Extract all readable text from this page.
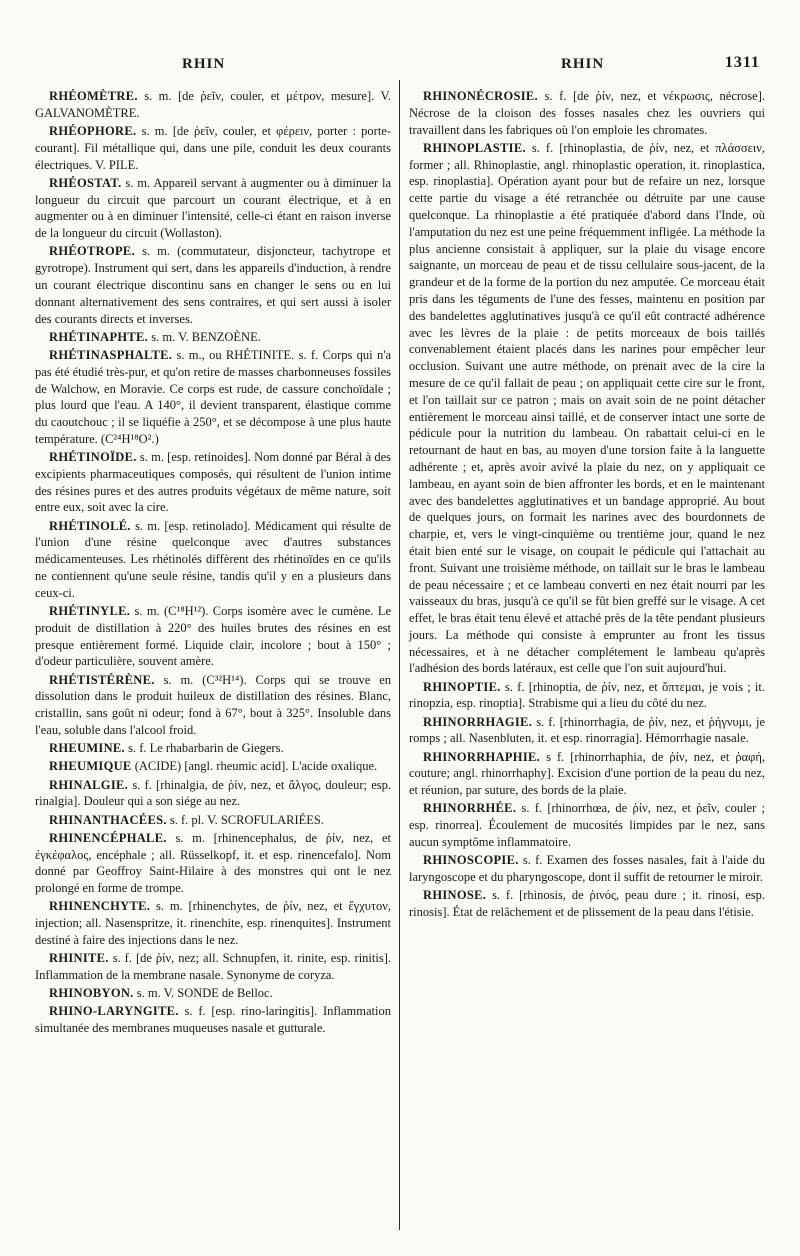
RHIN	RHIN	1311

RHÉOMÈTRE. s. m. [de ῥεῖν, couler, et μέτρον, mesure]. V. GALVANOMÈTRE.

RHÉOPHORE. s. m. [de ῥεῖν, couler, et φέρειν, porter : porte-courant]. Fil métallique qui, dans une pile, conduit les deux courants électriques. V. PILE.

RHÉOSTAT. s. m. Appareil servant à augmenter ou à diminuer la longueur du circuit que parcourt un courant électrique, et à en augmenter ou à en diminuer l'intensité, celle-ci étant en raison inverse de la longueur du circuit (Wollaston).

RHÉOTROPE. s. m. (commutateur, disjoncteur, tachytrope et gyrotrope). Instrument qui sert, dans les appareils d'induction, à rendre un courant électrique discontinu sans en changer le sens ou en lui donnant alternativement des sens contraires, et qui sert aussi à isoler des courants directs et inverses.

RHÉTINAPHTE. s. m. V. BENZOÈNE.

RHÉTINASPHALTE. s. m., ou RHÉTINITE. s. f. Corps qui n'a pas été étudié très-pur, et qu'on retire de masses charbonneuses fossiles de Walchow, en Moravie. Ce corps est rude, de cassure conchoïdale ; plus lourd que l'eau. A 140°, il devient transparent, élastique comme du caoutchouc ; il se liquéfie à 250°, et se décompose à une plus haute température. (C²⁴H¹⁸O².)

RHÉTINOÏDE. s. m. [esp. retinoides]. Nom donné par Béral à des excipients pharmaceutiques composés, qui résultent de l'union intime des résines pures et des autres produits végétaux de même nature, soit entre eux, soit avec la cire.

RHÉTINOLÉ. s. m. [esp. retinolado]. Médicament qui résulte de l'union d'une résine quelconque avec d'autres substances médicamenteuses. Les rhétinolés diffèrent des rhétinoïdes en ce qu'ils ne contiennent qu'une seule résine, tandis qu'il y en a plusieurs dans ceux-ci.

RHÉTINYLE. s. m. (C¹⁸H¹²). Corps isomère avec le cumène. Le produit de distillation à 220° des huiles brutes des résines en est presque entièrement formé. Liquide clair, incolore ; bout à 150° ; d'odeur particulière, souvent amère.

RHÉTISTÉRÈNE. s. m. (C³²H¹⁴). Corps qui se trouve en dissolution dans le produit huileux de distillation des résines. Blanc, cristallin, sans goût ni odeur; fond à 67°, bout à 325°. Insoluble dans l'eau, soluble dans l'alcool froid.

RHEUMINE. s. f. Le rhabarbarin de Giegers.

RHEUMIQUE (ACIDE) [angl. rheumic acid]. L'acide oxalique.

RHINALGIE. s. f. [rhinalgia, de ῥίν, nez, et ἄλγος, douleur; esp. rinalgia]. Douleur qui a son siége au nez.

RHINANTHACÉES. s. f. pl. V. SCROFULARIÉES.

RHINENCÉPHALE. s. m. [rhinencephalus, de ῥίν, nez, et ἐγκέφαλος, encéphale ; all. Rüsselkopf, it. et esp. rinencefalo]. Nom donné par Geoffroy Saint-Hilaire à des monstres qui ont le nez prolongé en forme de trompe.

RHINENCHYTE. s. m. [rhinenchytes, de ῥίν, nez, et ἔγχυτον, injection; all. Nasenspritze, it. rinenchite, esp. rinenquites]. Instrument destiné à faire des injections dans le nez.

RHINITE. s. f. [de ῥίν, nez; all. Schnupfen, it. rinite, esp. rinitis]. Inflammation de la membrane nasale. Synonyme de coryza.

RHINOBYON. s. m. V. SONDE de Belloc.

RHINO-LARYNGITE. s. f. [esp. rino-laringitis]. Inflammation simultanée des membranes muqueuses nasale et gutturale.

RHINONÉCROSIE. s. f. [de ῥίν, nez, et νέκρωσις, nécrose]. Nécrose de la cloison des fosses nasales chez les ouvriers qui travaillent dans les fabriques où l'on emploie les chromates.

RHINOPLASTIE. s. f. [rhinoplastia, de ῥίν, nez, et πλάσσειν, former ; all. Rhinoplastie, angl. rhinoplastic operation, it. rinoplastica, esp. rinoplastia]. Opération ayant pour but de refaire un nez, lorsque cette partie du visage a été retranchée ou détruite par une cause quelconque. La rhinoplastie a été pratiquée d'abord dans l'Inde, où l'amputation du nez est une peine fréquemment infligée. La méthode la plus ancienne consistait à appliquer, sur la plaie du visage encore saignante, un morceau de peau et de tissu cellulaire sous-jacent, de la grandeur et de la forme de la portion du nez amputée. Ce morceau était pris dans les téguments de l'une des fesses, maintenu en position par des bandelettes agglutinatives jusqu'à ce qu'il eût contracté adhérence avec les lèvres de la plaie : de petits morceaux de bois taillés convenablement étaient placés dans les narines pour empêcher leur occlusion. Suivant une autre méthode, on prenait avec de la cire la mesure de ce qu'il fallait de peau ; on appliquait cette cire sur le front, et l'on taillait sur ce patron ; mais on avait soin de ne point détacher entièrement le morceau ainsi taillé, et de conserver intact une sorte de pédicule pour la nutrition du lambeau. On rabattait celui-ci en le retournant de haut en bas, au moyen d'une torsion faite à la languette adhérente ; et, après avoir avivé la plaie du nez, on y appliquait ce lambeau, en ayant soin de bien affronter les bords, et en le maintenant avec des bandelettes agglutinatives et un bandage approprié. Au bout de quelques jours, on formait les narines avec des bourdonnets de charpie, et, vers le vingt-cinquième ou trentième jour, quand le nez était bien enté sur le visage, on coupait le pédicule qui l'attachait au front. Suivant une troisième méthode, on taillait sur le bras le lambeau de peau nécessaire ; et ce lambeau converti en nez était nourri par les vaisseaux du bras, jusqu'à ce qu'il se fût bien greffé sur le visage. A cet effet, le bras était tenu élevé et attaché près de la tête pendant plusieurs jours. La méthode qui consiste à emprunter au front les tissus nécessaires, et à ne détacher complétement le lambeau qu'après l'adhésion des bords latéraux, est celle que l'on suit aujourd'hui.

RHINOPTIE. s. f. [rhinoptia, de ῥίν, nez, et ὄπτεμαι, je vois ; it. rinopzia, esp. rinoptia]. Strabisme qui a lieu du côté du nez.

RHINORRHAGIE. s. f. [rhinorrhagia, de ῥίν, nez, et ῥήγνυμι, je romps ; all. Nasenbluten, it. et esp. rinorragia]. Hémorrhagie nasale.

RHINORRHAPHIE. s f. [rhinorrhaphia, de ῥίν, nez, et ῥαφή, couture; angl. rhinorrhaphy]. Excision d'une portion de la peau du nez, et réunion, par suture, des bords de la plaie.

RHINORRHÉE. s. f. [rhinorrhœa, de ῥίν, nez, et ῥεῖν, couler ; esp. rinorrea]. Écoulement de mucosités limpides par le nez, sans aucun symptôme inflammatoire.

RHINOSCOPIE. s. f. Examen des fosses nasales, fait à l'aide du laryngoscope et du pharyngoscope, dont il suffit de retourner le miroir.

RHINOSE. s. f. [rhinosis, de ῥινός, peau dure ; it. rinosi, esp. rinosis]. État de relâchement et de plissement de la peau dans l'étisie.
